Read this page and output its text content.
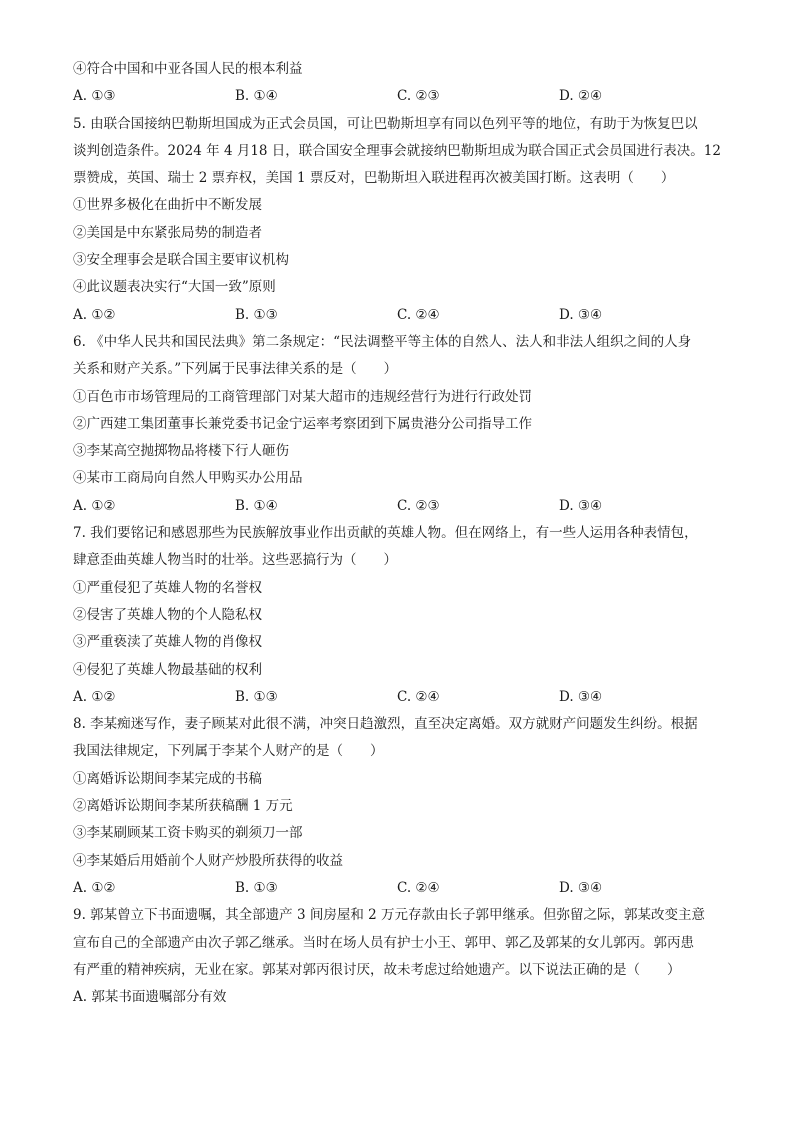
④符合中国和中亚各国人民的根本利益
A. ①③	B. ①④	C. ②③	D. ②④
5. 由联合国接纳巴勒斯坦国成为正式会员国，可让巴勒斯坦享有同以色列平等的地位，有助于为恢复巴以
谈判创造条件。2024 年 4 月18 日，联合国安全理事会就接纳巴勒斯坦成为联合国正式会员国进行表决。12
票赞成，英国、瑞士 2 票弃权，美国 1 票反对，巴勒斯坦入联进程再次被美国打断。这表明（　　）
①世界多极化在曲折中不断发展
②美国是中东紧张局势的制造者
③安全理事会是联合国主要审议机构
④此议题表决实行“大国一致”原则
A. ①②	B. ①③	C. ②④	D. ③④
6. 《中华人民共和国民法典》第二条规定：“民法调整平等主体的自然人、法人和非法人组织之间的人身
关系和财产关系。”下列属于民事法律关系的是（　　）
①百色市市场管理局的工商管理部门对某大超市的违规经营行为进行行政处罚
②广西建工集团董事长兼党委书记金宁运率考察团到下属贵港分公司指导工作
③李某高空抛掷物品将楼下行人砸伤
④某市工商局向自然人甲购买办公用品
A. ①②	B. ①④	C. ②③	D. ③④
7. 我们要铭记和感恩那些为民族解放事业作出贡献的英雄人物。但在网络上，有一些人运用各种表情包，
肆意歪曲英雄人物当时的壮举。这些恶搞行为（　　）
①严重侵犯了英雄人物的名誉权
②侵害了英雄人物的个人隐私权
③严重亵渎了英雄人物的肖像权
④侵犯了英雄人物最基础的权利
A. ①②	B. ①③	C. ②④	D. ③④
8. 李某痴迷写作，妻子顾某对此很不满，冲突日趋激烈，直至决定离婚。双方就财产问题发生纠纷。根据
我国法律规定，下列属于李某个人财产的是（　　）
①离婚诉讼期间李某完成的书稿
②离婚诉讼期间李某所获稿酬 1 万元
③李某刷顾某工资卡购买的剃须刀一部
④李某婚后用婚前个人财产炒股所获得的收益
A. ①②	B. ①③	C. ②④	D. ③④
9. 郭某曾立下书面遗嘱，其全部遗产 3 间房屋和 2 万元存款由长子郭甲继承。但弥留之际，郭某改变主意
宣布自己的全部遗产由次子郭乙继承。当时在场人员有护士小王、郭甲、郭乙及郭某的女儿郭丙。郭丙患
有严重的精神疾病，无业在家。郭某对郭丙很讨厌，故未考虑过给她遗产。以下说法正确的是（　　）
A. 郭某书面遗嘱部分有效
